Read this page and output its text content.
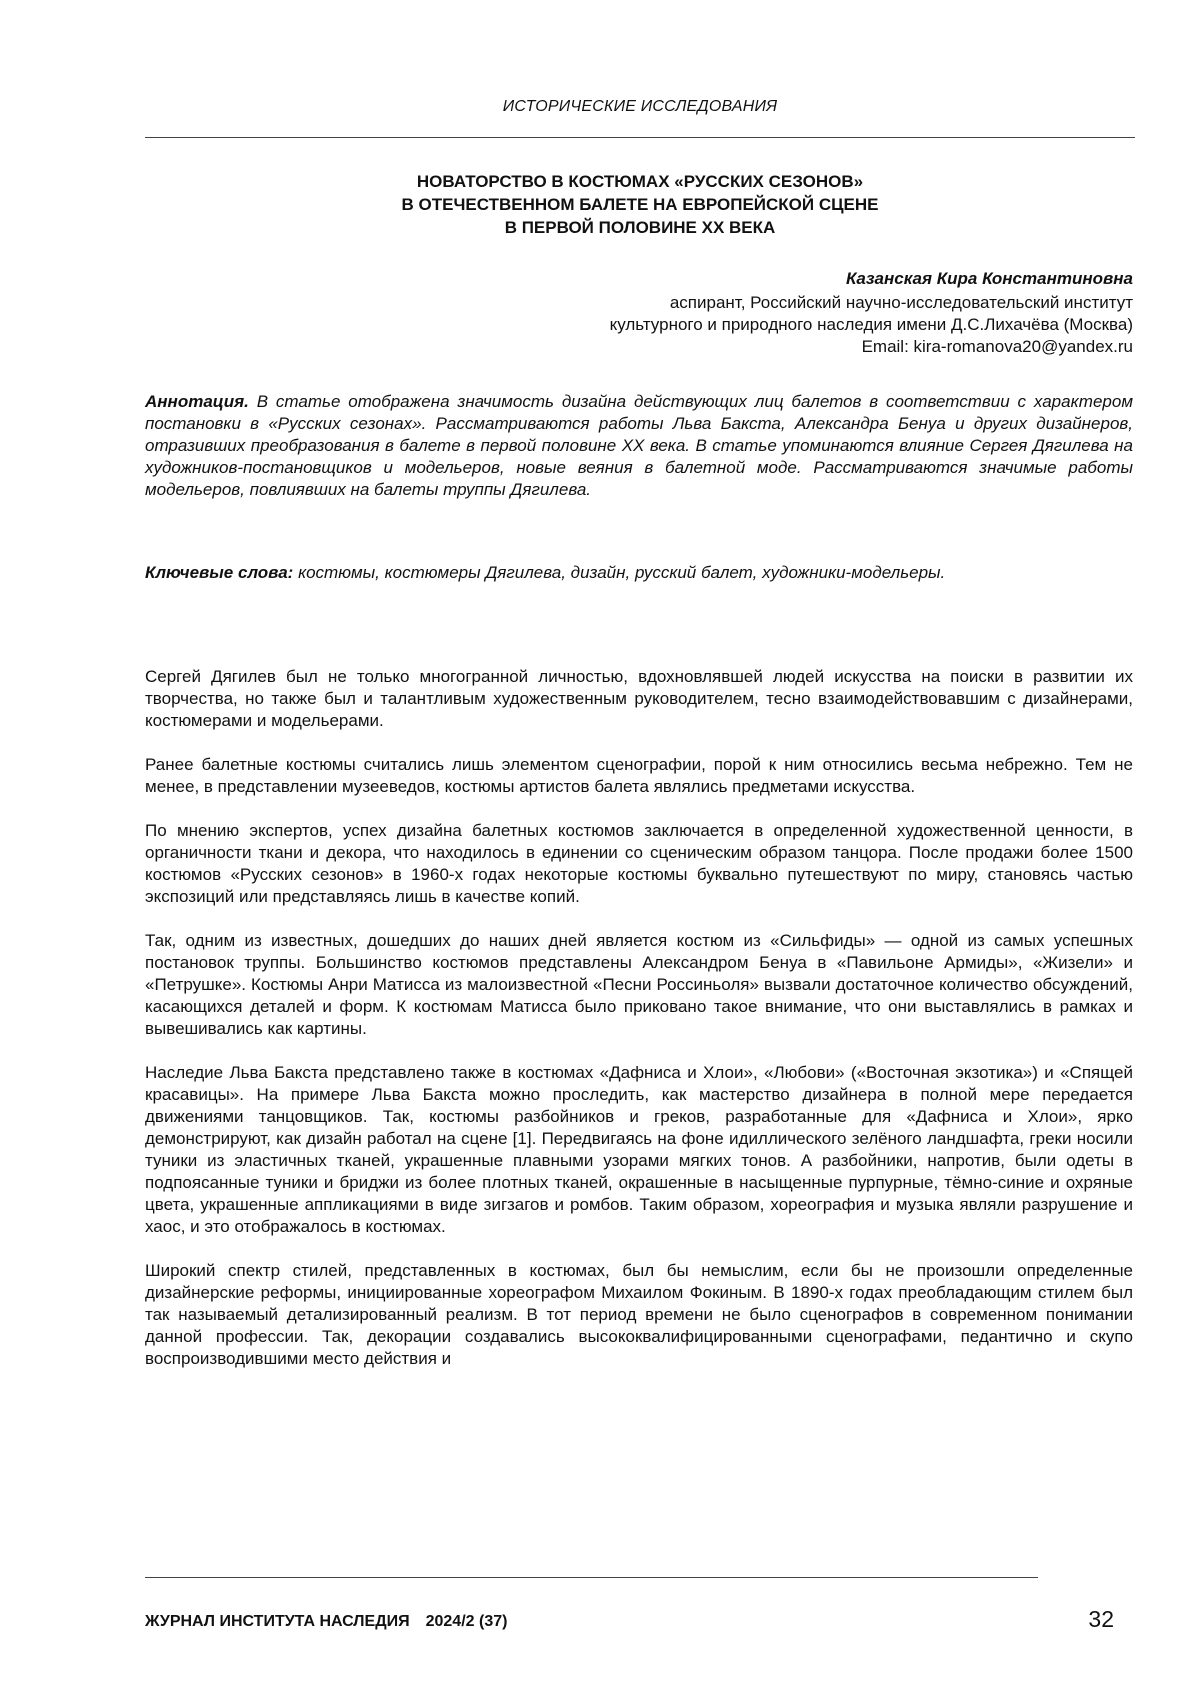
ИСТОРИЧЕСКИЕ ИССЛЕДОВАНИЯ
НОВАТОРСТВО В КОСТЮМАХ «РУССКИХ СЕЗОНОВ»
В ОТЕЧЕСТВЕННОМ БАЛЕТЕ НА ЕВРОПЕЙСКОЙ СЦЕНЕ
В ПЕРВОЙ ПОЛОВИНЕ XX ВЕКА
Казанская Кира Константиновна
аспирант, Российский научно-исследовательский институт
культурного и природного наследия имени Д.С.Лихачёва (Москва)
Email: kira-romanova20@yandex.ru

Аннотация. В статье отображена значимость дизайна действующих лиц балетов в соответствии с характером постановки в «Русских сезонах». Рассматриваются работы Льва Бакста, Александра Бенуа и других дизайнеров, отразивших преобразования в балете в первой половине XX века. В статье упоминаются влияние Сергея Дягилева на художников-постановщиков и модельеров, новые веяния в балетной моде. Рассматриваются значимые работы модельеров, повлиявших на балеты труппы Дягилева.

Ключевые слова: костюмы, костюмеры Дягилева, дизайн, русский балет, художники-модельеры.

Сергей Дягилев был не только многогранной личностью, вдохновлявшей людей искусства на поиски в развитии их творчества, но также был и талантливым художественным руководителем, тесно взаимодействовавшим с дизайнерами, костюмерами и модельерами.

Ранее балетные костюмы считались лишь элементом сценографии, порой к ним относились весьма небрежно. Тем не менее, в представлении музееведов, костюмы артистов балета являлись предметами искусства.

По мнению экспертов, успех дизайна балетных костюмов заключается в определенной художественной ценности, в органичности ткани и декора, что находилось в единении со сценическим образом танцора. После продажи более 1500 костюмов «Русских сезонов» в 1960-х годах некоторые костюмы буквально путешествуют по миру, становясь частью экспозиций или представляясь лишь в качестве копий.

Так, одним из известных, дошедших до наших дней является костюм из «Сильфиды» — одной из самых успешных постановок труппы. Большинство костюмов представлены Александром Бенуа в «Павильоне Армиды», «Жизели» и «Петрушке». Костюмы Анри Матисса из малоизвестной «Песни Россиньоля» вызвали достаточное количество обсуждений, касающихся деталей и форм. К костюмам Матисса было приковано такое внимание, что они выставлялись в рамках и вывешивались как картины.

Наследие Льва Бакста представлено также в костюмах «Дафниса и Хлои», «Любови» («Восточная экзотика») и «Спящей красавицы». На примере Льва Бакста можно проследить, как мастерство дизайнера в полной мере передается движениями танцовщиков. Так, костюмы разбойников и греков, разработанные для «Дафниса и Хлои», ярко демонстрируют, как дизайн работал на сцене [1]. Передвигаясь на фоне идиллического зелёного ландшафта, греки носили туники из эластичных тканей, украшенные плавными узорами мягких тонов. А разбойники, напротив, были одеты в подпоясанные туники и бриджи из более плотных тканей, окрашенные в насыщенные пурпурные, тёмно-синие и охряные цвета, украшенные аппликациями в виде зигзагов и ромбов. Таким образом, хореография и музыка являли разрушение и хаос, и это отображалось в костюмах.

Широкий спектр стилей, представленных в костюмах, был бы немыслим, если бы не произошли определенные дизайнерские реформы, инициированные хореографом Михаилом Фокиным. В 1890-х годах преобладающим стилем был так называемый детализированный реализм. В тот период времени не было сценографов в современном понимании данной профессии. Так, декорации создавались высококвалифицированными сценографами, педантично и скупо воспроизводившими место действия и

ЖУРНАЛ ИНСТИТУТА НАСЛЕДИЯ 2024/2 (37)	32
